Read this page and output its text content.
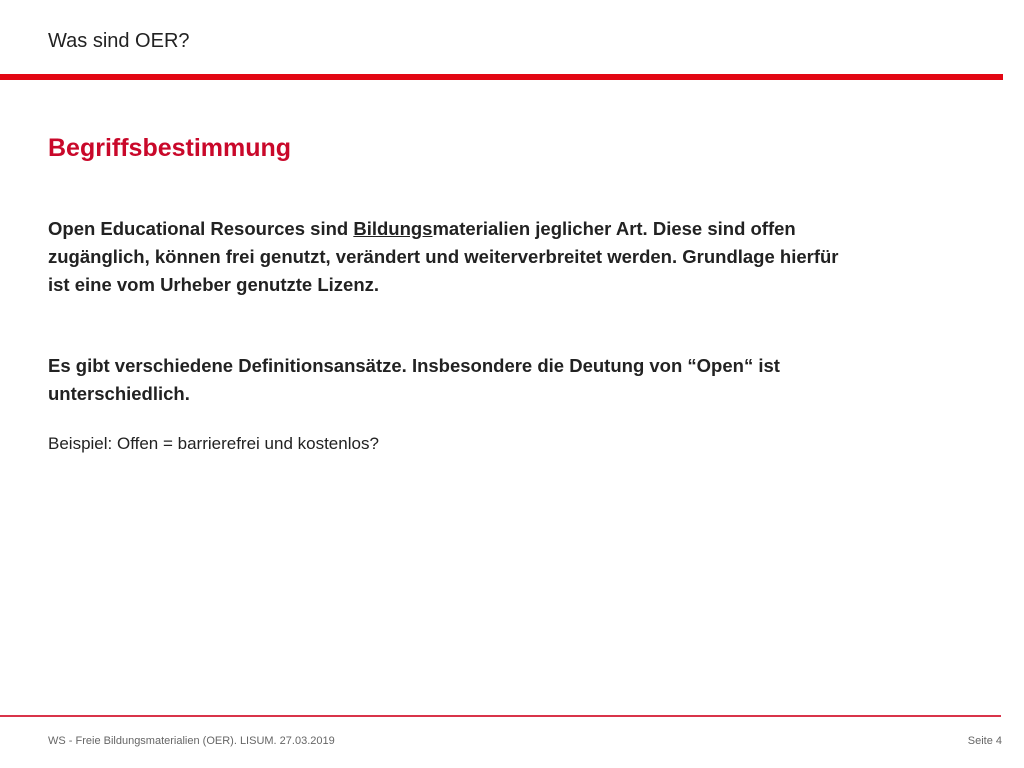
Was sind OER?
Begriffsbestimmung
Open Educational Resources sind Bildungsmaterialien jeglicher Art. Diese sind offen zugänglich, können frei genutzt, verändert und weiterverbreitet werden. Grundlage hierfür ist eine vom Urheber genutzte Lizenz.
Es gibt verschiedene Definitionsansätze. Insbesondere die Deutung von “Open“ ist unterschiedlich.
Beispiel: Offen = barrierefrei und kostenlos?
WS - Freie Bildungsmaterialien (OER). LISUM. 27.03.2019	Seite 4
